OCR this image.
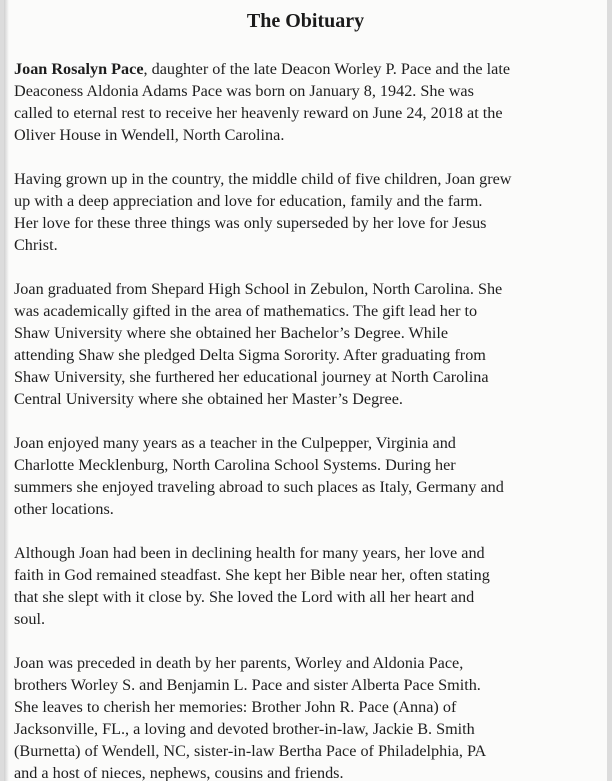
The Obituary

Joan Rosalyn Pace, daughter of the late Deacon Worley P. Pace and the late
Deaconess Aldonia Adams Pace was born on January 8, 1942. She was
called to eternal rest to receive her heavenly reward on June 24, 2018 at the
Oliver House in Wendell, North Carolina.

Having grown up in the country, the middle child of five children, Joan grew
up with a deep appreciation and love for education, family and the farm.
Her love for these three things was only superseded by her love for Jesus
Christ.

Joan graduated from Shepard High School in Zebulon, North Carolina. She
was academically gifted in the area of mathematics. The gift lead her to
Shaw University where she obtained her Bachelor’s Degree. While
attending Shaw she pledged Delta Sigma Sorority. After graduating from
Shaw University, she furthered her educational journey at North Carolina
Central University where she obtained her Master’s Degree.

Joan enjoyed many years as a teacher in the Culpepper, Virginia and
Charlotte Mecklenburg, North Carolina School Systems. During her
summers she enjoyed traveling abroad to such places as Italy, Germany and
other locations.

Although Joan had been in declining health for many years, her love and
faith in God remained steadfast. She kept her Bible near her, often stating
that she slept with it close by. She loved the Lord with all her heart and
soul.

Joan was preceded in death by her parents, Worley and Aldonia Pace,
brothers Worley S. and Benjamin L. Pace and sister Alberta Pace Smith.
She leaves to cherish her memories: Brother John R. Pace (Anna) of
Jacksonville, FL., a loving and devoted brother-in-law, Jackie B. Smith
(Burnetta) of Wendell, NC, sister-in-law Bertha Pace of Philadelphia, PA
and a host of nieces, nephews, cousins and friends.
